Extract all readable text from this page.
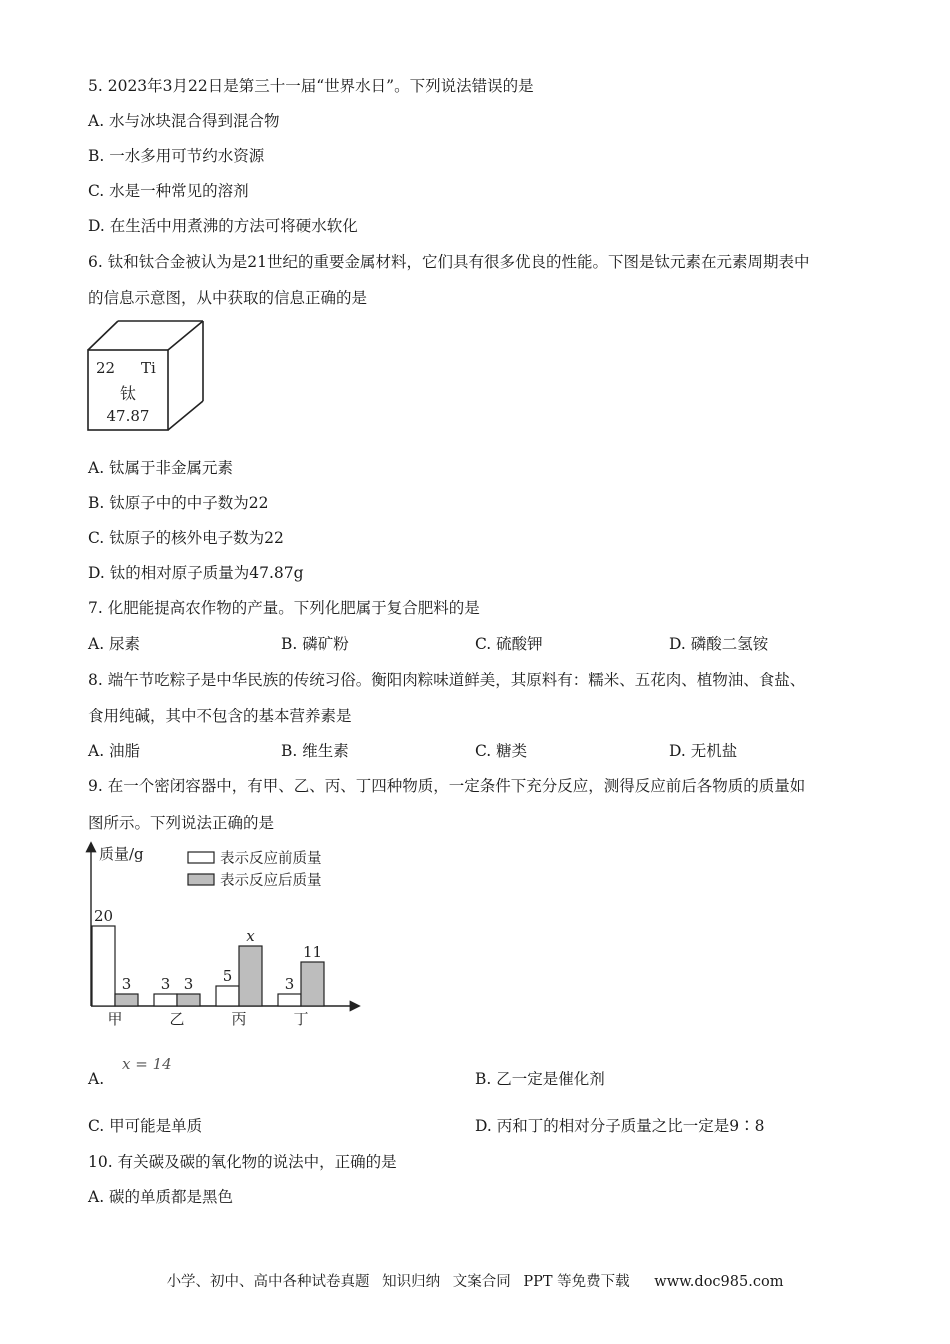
5. 2023年3月22日是第三十一届“世界水日”。下列说法错误的是
A. 水与冰块混合得到混合物
B. 一水多用可节约水资源
C. 水是一种常见的溶剂
D. 在生活中用煮沸的方法可将硬水软化
6. 钛和钛合金被认为是21世纪的重要金属材料，它们具有很多优良的性能。下图是钛元素在元素周期表中
的信息示意图，从中获取的信息正确的是
22 Ti
钛
47.87
A. 钛属于非金属元素
B. 钛原子中的中子数为22
C. 钛原子的核外电子数为22
D. 钛的相对原子质量为47.87g
7. 化肥能提高农作物的产量。下列化肥属于复合肥料的是
A. 尿素	B. 磷矿粉	C. 硫酸钾	D. 磷酸二氢铵
8. 端午节吃粽子是中华民族的传统习俗。衡阳肉粽味道鲜美，其原料有：糯米、五花肉、植物油、食盐、
食用纯碱，其中不包含的基本营养素是
A. 油脂	B. 维生素	C. 糖类	D. 无机盐
9. 在一个密闭容器中，有甲、乙、丙、丁四种物质，一定条件下充分反应，测得反应前后各物质的质量如
图所示。下列说法正确的是
质量/g	表示反应前质量
表示反应后质量
20
3
甲
3 3
乙
5
x
丙
3
11
丁
A.
x = 14
B. 乙一定是催化剂
C. 甲可能是单质	D. 丙和丁的相对分子质量之比一定是9∶8
10. 有关碳及碳的氧化物的说法中，正确的是
A. 碳的单质都是黑色
小学、初中、高中各种试卷真题 知识归纳 文案合同 PPT 等免费下载 www.doc985.com
